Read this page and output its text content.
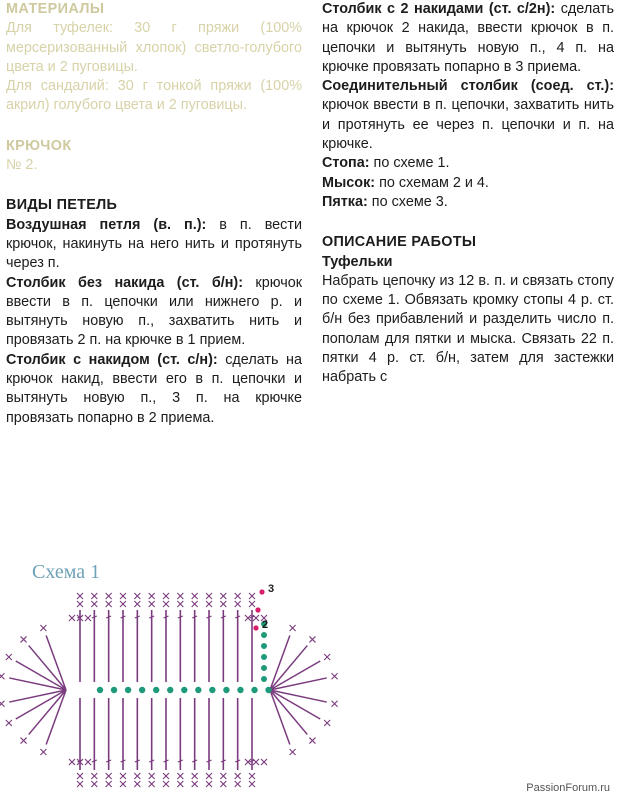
МАТЕРИАЛЫ

Для туфелек: 30 г пряжи (100% мерсеризованный хлопок) светло-голубого цвета и 2 пуговицы.

Для сандалий: 30 г тонкой пряжи (100% акрил) голубого цвета и 2 пуговицы.

КРЮЧОК
№ 2.
ВИДЫ ПЕТЕЛЬ

Воздушная петля (в. п.): в п. вести крючок, накинуть на него нить и протянуть через п.

Столбик без накида (ст. б/н): крючок ввести в п. цепочки или нижнего р. и вытянуть новую п., захватить нить и провязать 2 п. на крючке в 1 прием.

Столбик с накидом (ст. с/н): сделать на крючок накид, ввести его в п. цепочки и вытянуть новую п., 3 п. на крючке провязать попарно в 2 приема.

Столбик с 2 накидами (ст. с/2н): сделать на крючок 2 накида, ввести крючок в п. цепочки и вытянуть новую п., 4 п. на крючке провязать попарно в 3 приема.

Соединительный столбик (соед. ст.): крючок ввести в п. цепочки, захватить нить и протянуть ее через п. цепочки и п. на крючке.

Стопа: по схеме 1.

Мысок: по схемам 2 и 4.

Пятка: по схеме 3.

ОПИСАНИЕ РАБОТЫ
Туфельки

Набрать цепочку из 12 в. п. и связать стопу по схеме 1. Обвязать кромку стопы 4 р. ст. б/н без прибавлений и разделить число п. пополам для пятки и мыска. Связать 22 п. пятки 4 р. ст. б/н, затем для застежки набрать с

Схема 1
3
2
PassionForum.ru
